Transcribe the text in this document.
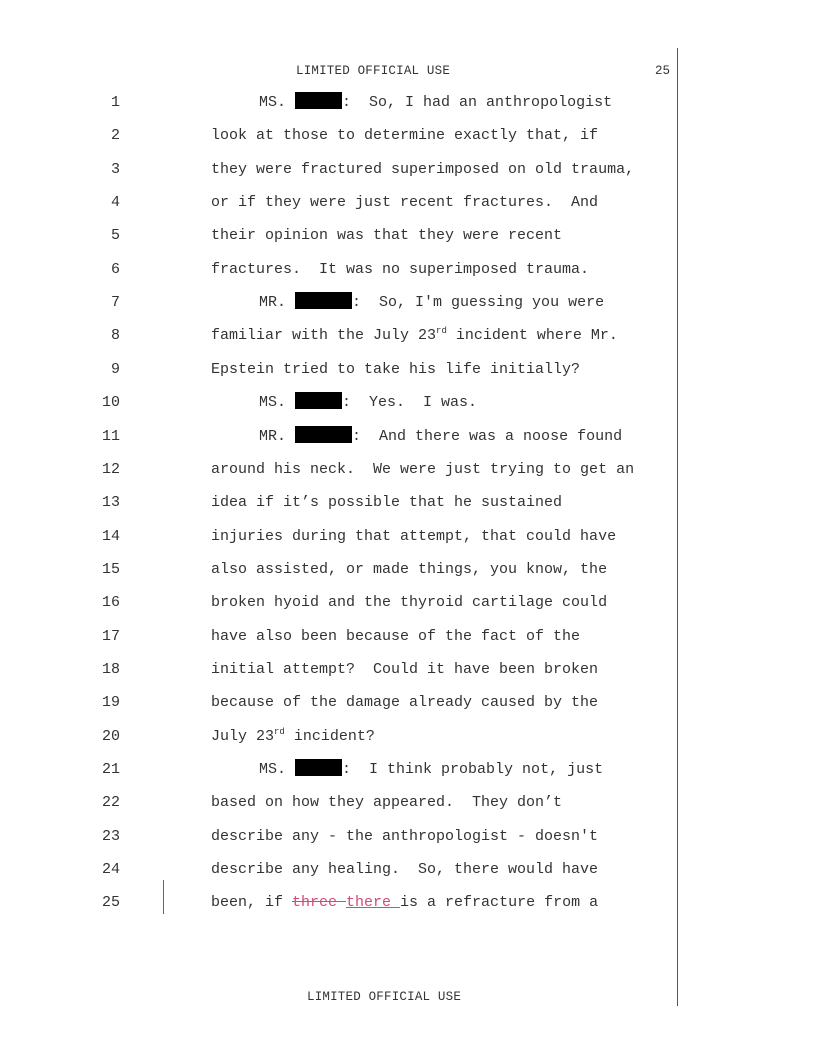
LIMITED OFFICIAL USE	25
1	MS.	:  So, I had an anthropologist
2	look at those to determine exactly that, if
3	they were fractured superimposed on old trauma,
4	or if they were just recent fractures.  And
5	their opinion was that they were recent
6	fractures.  It was no superimposed trauma.
7	MR.	:  So, I'm guessing you were
8	familiar with the July 23rd incident where Mr.
9	Epstein tried to take his life initially?
10	MS.	:  Yes.  I was.
11	MR.	:  And there was a noose found
12	around his neck.  We were just trying to get an
13	idea if it’s possible that he sustained
14	injuries during that attempt, that could have
15	also assisted, or made things, you know, the
16	broken hyoid and the thyroid cartilage could
17	have also been because of the fact of the
18	initial attempt?  Could it have been broken
19	because of the damage already caused by the
20	July 23rd incident?
21	MS.	:  I think probably not, just
22	based on how they appeared.  They don’t
23	describe any - the anthropologist - doesn't
24	describe any healing.  So, there would have
25	been, if three there is a refracture from a
LIMITED OFFICIAL USE
